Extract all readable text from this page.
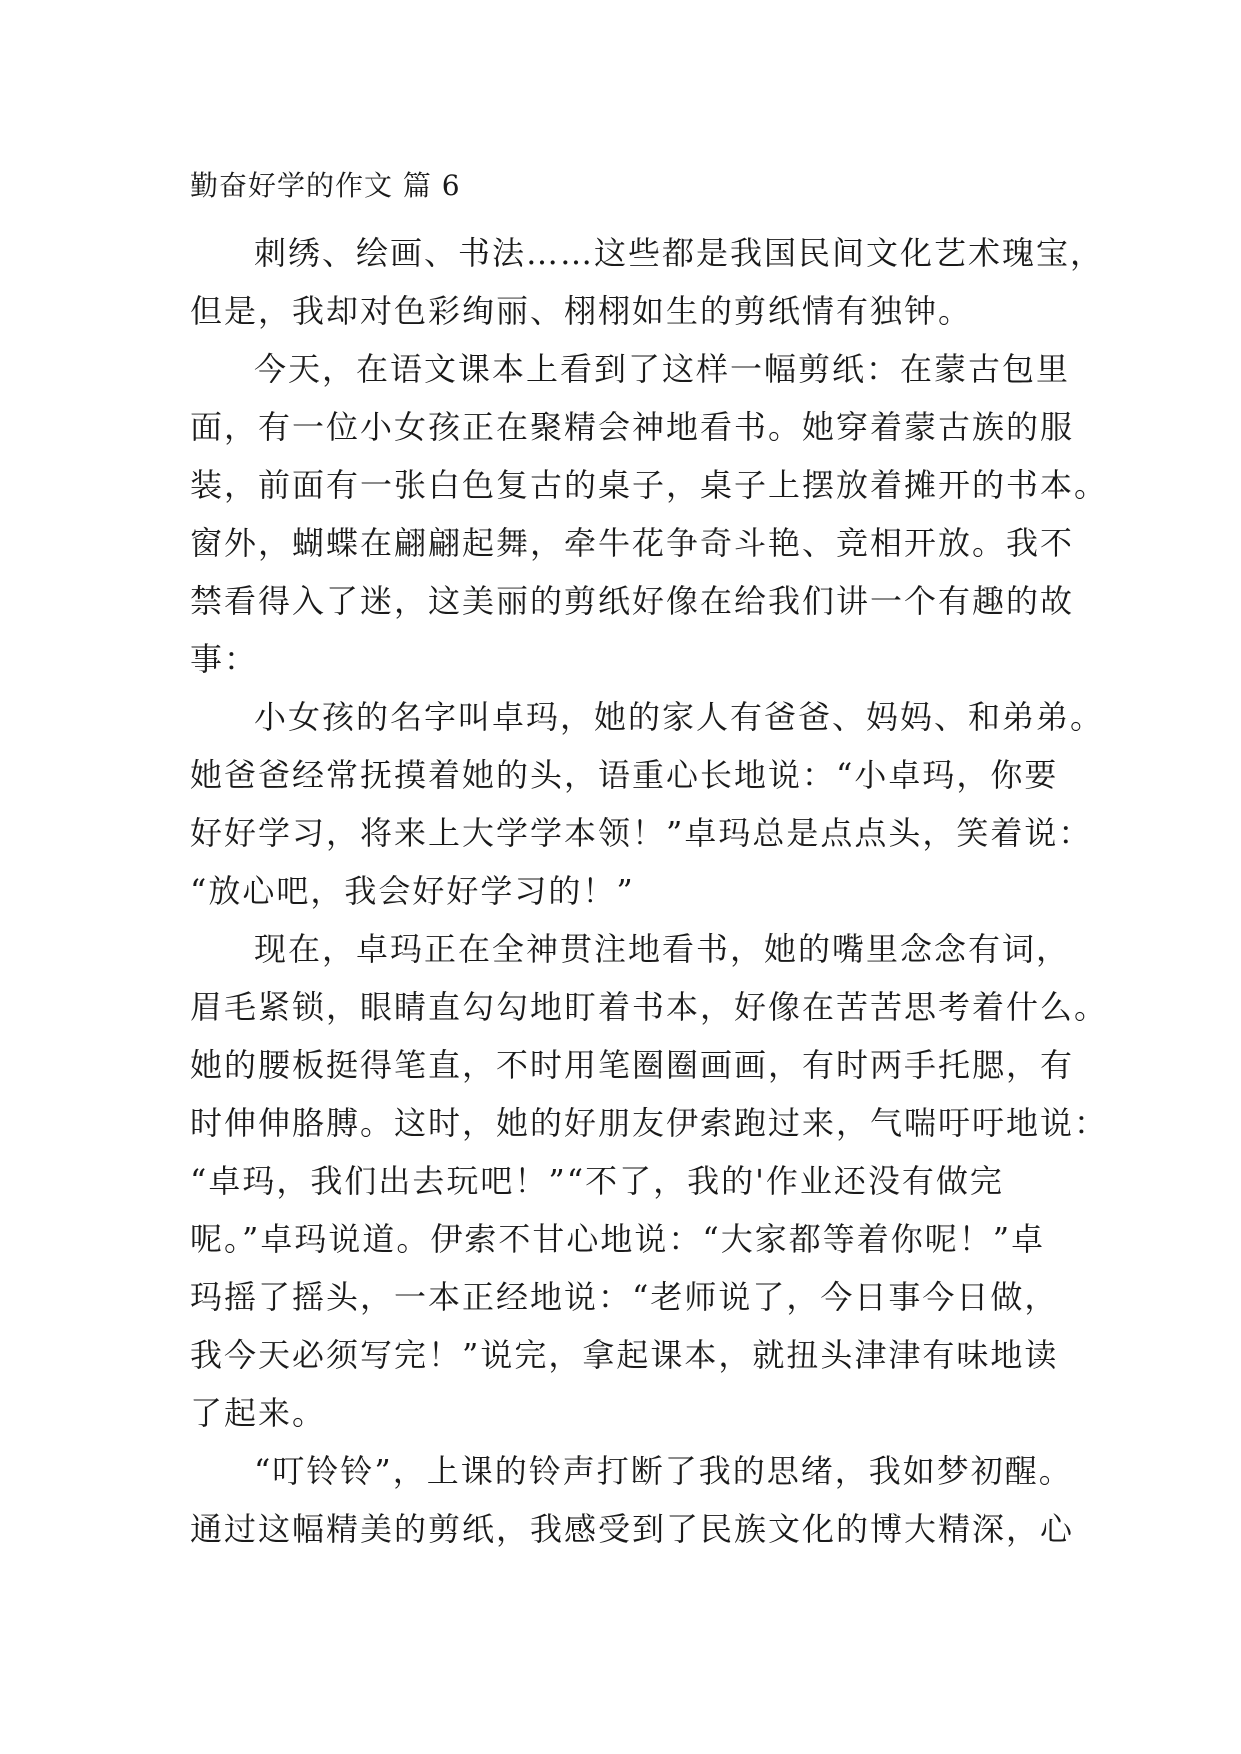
勤奋好学的作文 篇 6
刺绣、绘画、书法……这些都是我国民间文化艺术瑰宝，
但是，我却对色彩绚丽、栩栩如生的剪纸情有独钟。
今天，在语文课本上看到了这样一幅剪纸：在蒙古包里
面，有一位小女孩正在聚精会神地看书。她穿着蒙古族的服
装，前面有一张白色复古的桌子，桌子上摆放着摊开的书本。
窗外，蝴蝶在翩翩起舞，牵牛花争奇斗艳、竞相开放。我不
禁看得入了迷，这美丽的剪纸好像在给我们讲一个有趣的故
事：
小女孩的名字叫卓玛，她的家人有爸爸、妈妈、和弟弟。
她爸爸经常抚摸着她的头，语重心长地说：“小卓玛，你要
好好学习，将来上大学学本领！”卓玛总是点点头，笑着说：
“放心吧，我会好好学习的！”
现在，卓玛正在全神贯注地看书，她的嘴里念念有词，
眉毛紧锁，眼睛直勾勾地盯着书本，好像在苦苦思考着什么。
她的腰板挺得笔直，不时用笔圈圈画画，有时两手托腮，有
时伸伸胳膊。这时，她的好朋友伊索跑过来，气喘吁吁地说：
“卓玛，我们出去玩吧！”“不了，我的'作业还没有做完
呢。”卓玛说道。伊索不甘心地说：“大家都等着你呢！”卓
玛摇了摇头，一本正经地说：“老师说了，今日事今日做，
我今天必须写完！”说完，拿起课本，就扭头津津有味地读
了起来。
“叮铃铃”，上课的铃声打断了我的思绪，我如梦初醒。
通过这幅精美的剪纸，我感受到了民族文化的博大精深，心
